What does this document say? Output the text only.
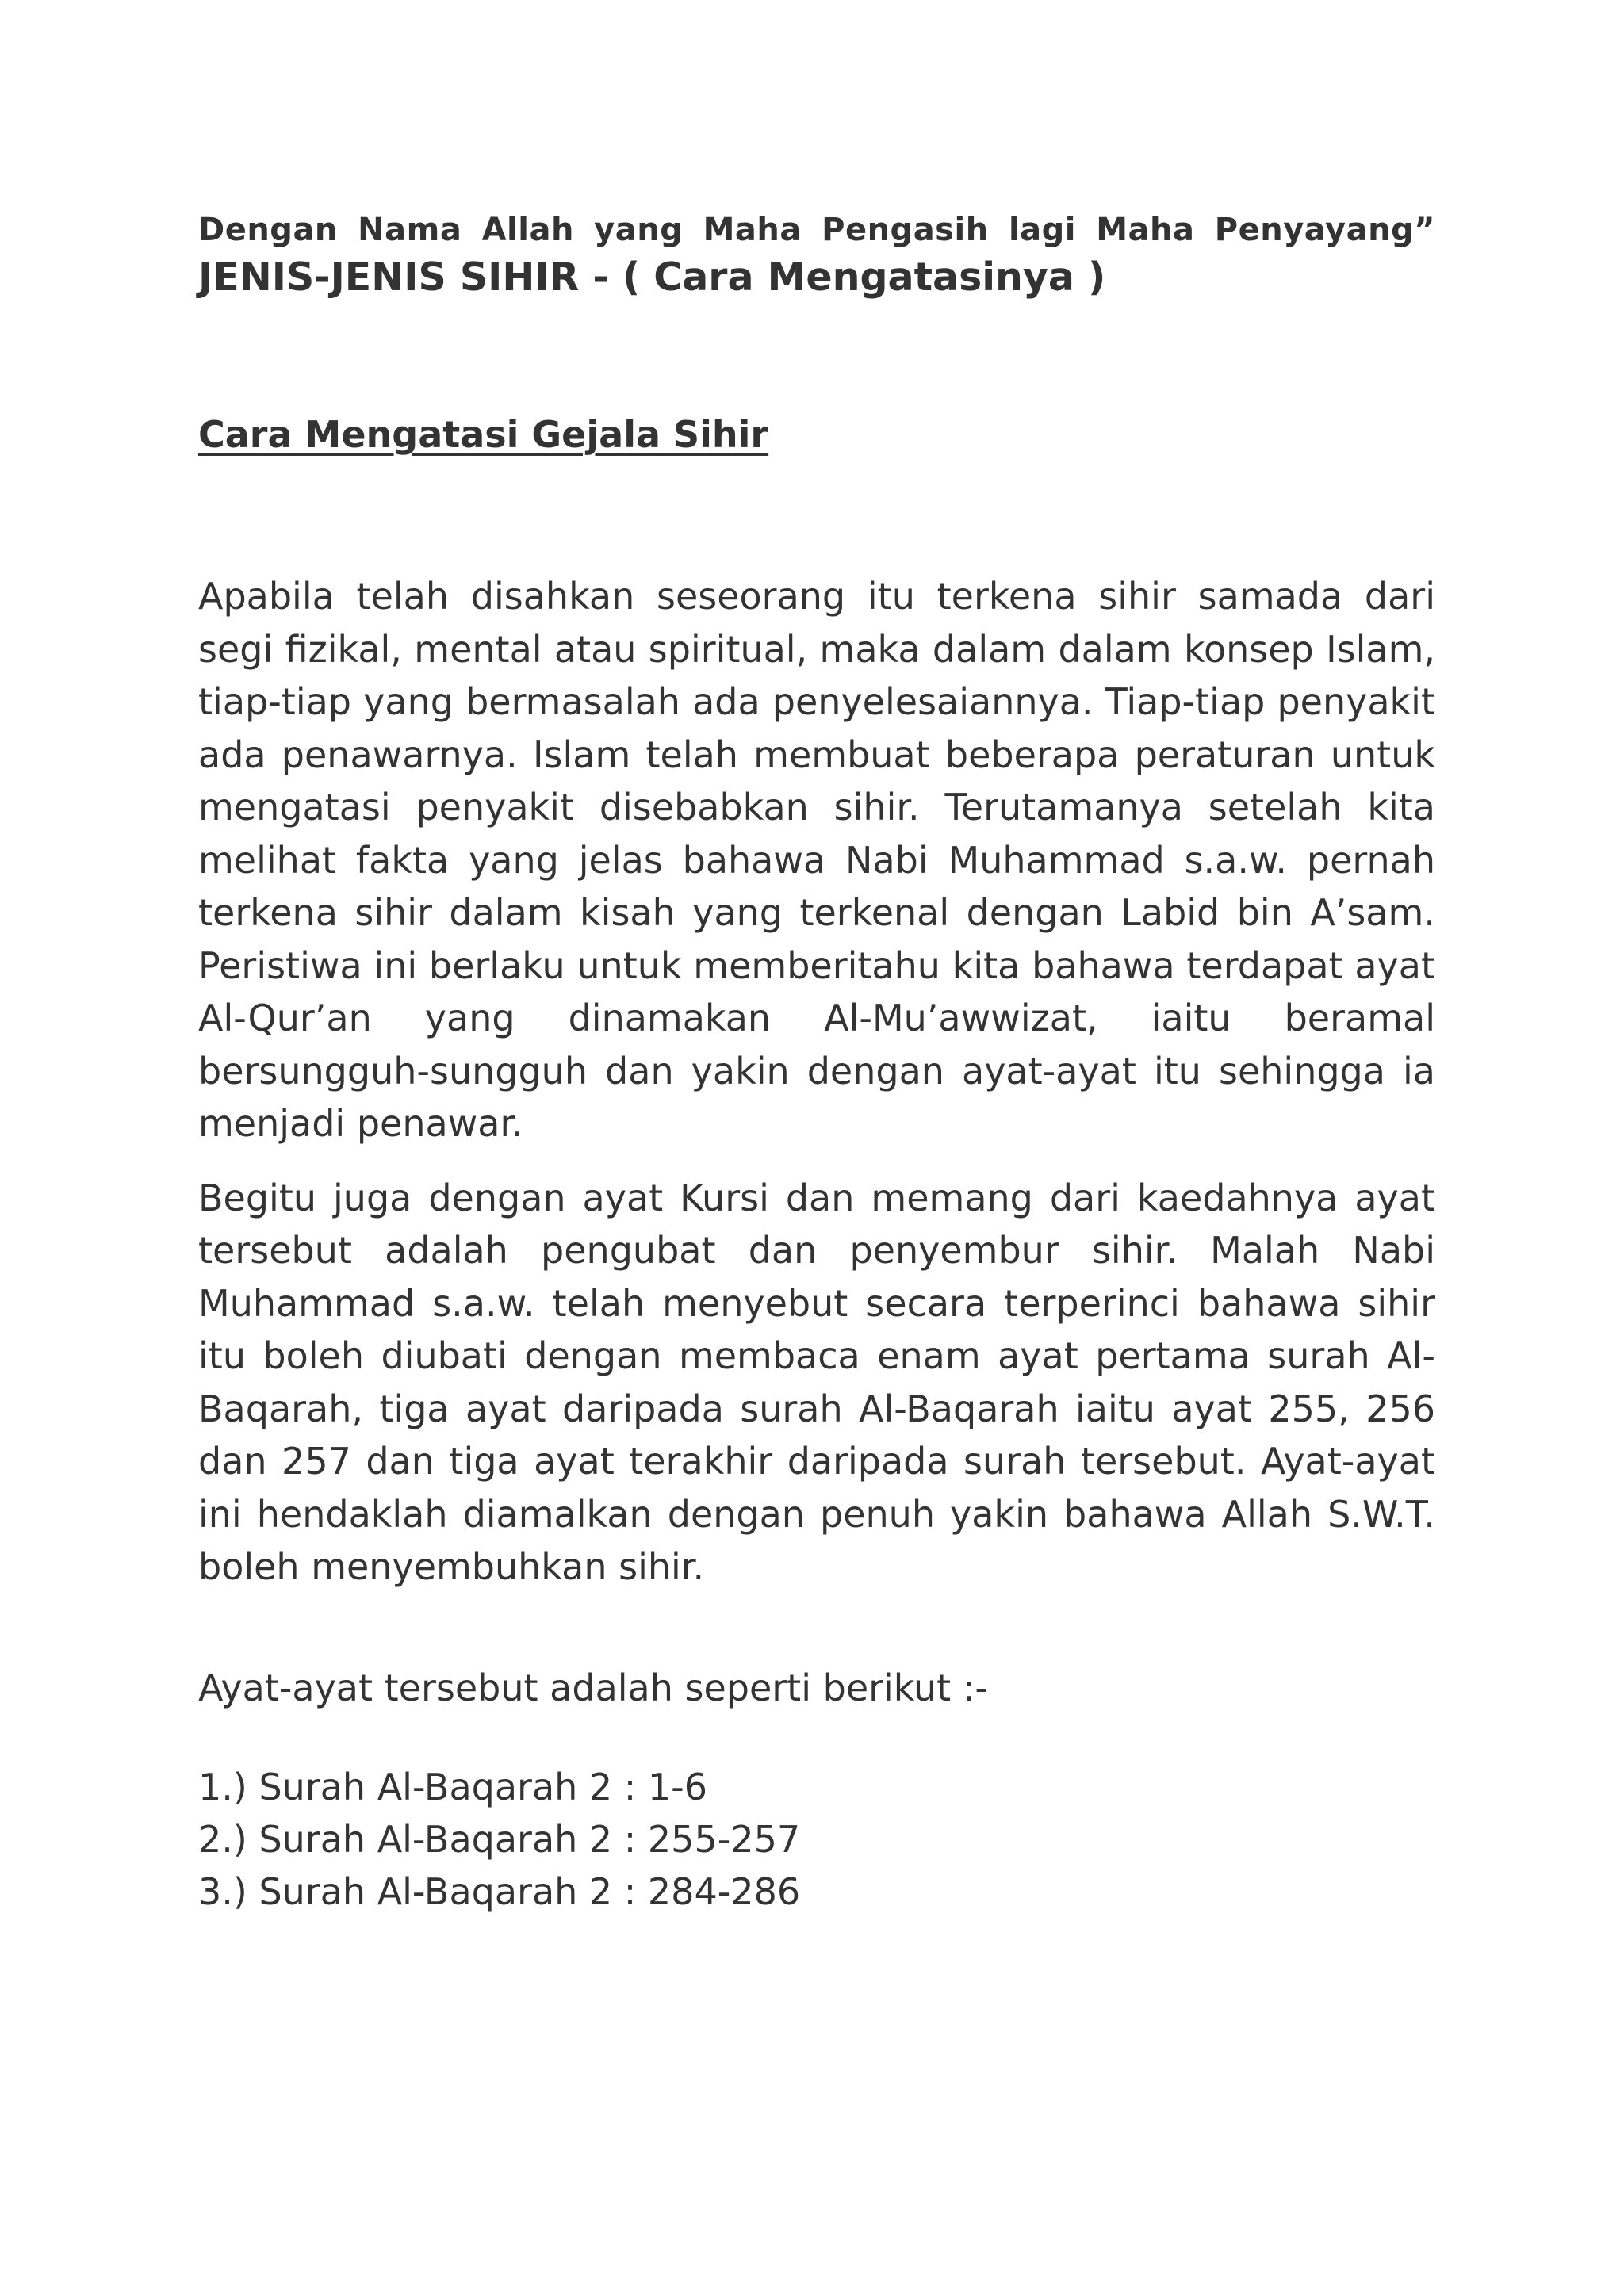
Dengan Nama Allah yang Maha Pengasih lagi Maha Penyayang”

JENIS-JENIS SIHIR - ( Cara Mengatasinya )
Cara Mengatasi Gejala Sihir

Apabila telah disahkan seseorang itu terkena sihir samada dari segi fizikal, mental atau spiritual, maka dalam dalam konsep Islam, tiap-tiap yang bermasalah ada penyelesaiannya. Tiap-tiap penyakit ada penawarnya. Islam telah membuat beberapa peraturan untuk mengatasi penyakit disebabkan sihir. Terutamanya setelah kita melihat fakta yang jelas bahawa Nabi Muhammad s.a.w. pernah terkena sihir dalam kisah yang terkenal dengan Labid bin A’sam. Peristiwa ini berlaku untuk memberitahu kita bahawa terdapat ayat Al-Qur’an yang dinamakan Al-Mu’awwizat, iaitu beramal bersungguh-sungguh dan yakin dengan ayat-ayat itu sehingga ia menjadi penawar.

Begitu juga dengan ayat Kursi dan memang dari kaedahnya ayat tersebut adalah pengubat dan penyembur sihir. Malah Nabi Muhammad s.a.w. telah menyebut secara terperinci bahawa sihir itu boleh diubati dengan membaca enam ayat pertama surah Al-Baqarah, tiga ayat daripada surah Al-Baqarah iaitu ayat 255, 256 dan 257 dan tiga ayat terakhir daripada surah tersebut. Ayat-ayat ini hendaklah diamalkan dengan penuh yakin bahawa Allah S.W.T. boleh menyembuhkan sihir.

Ayat-ayat tersebut adalah seperti berikut :-

1.) Surah Al-Baqarah 2 : 1-6
2.) Surah Al-Baqarah 2 : 255-257
3.) Surah Al-Baqarah 2 : 284-286
